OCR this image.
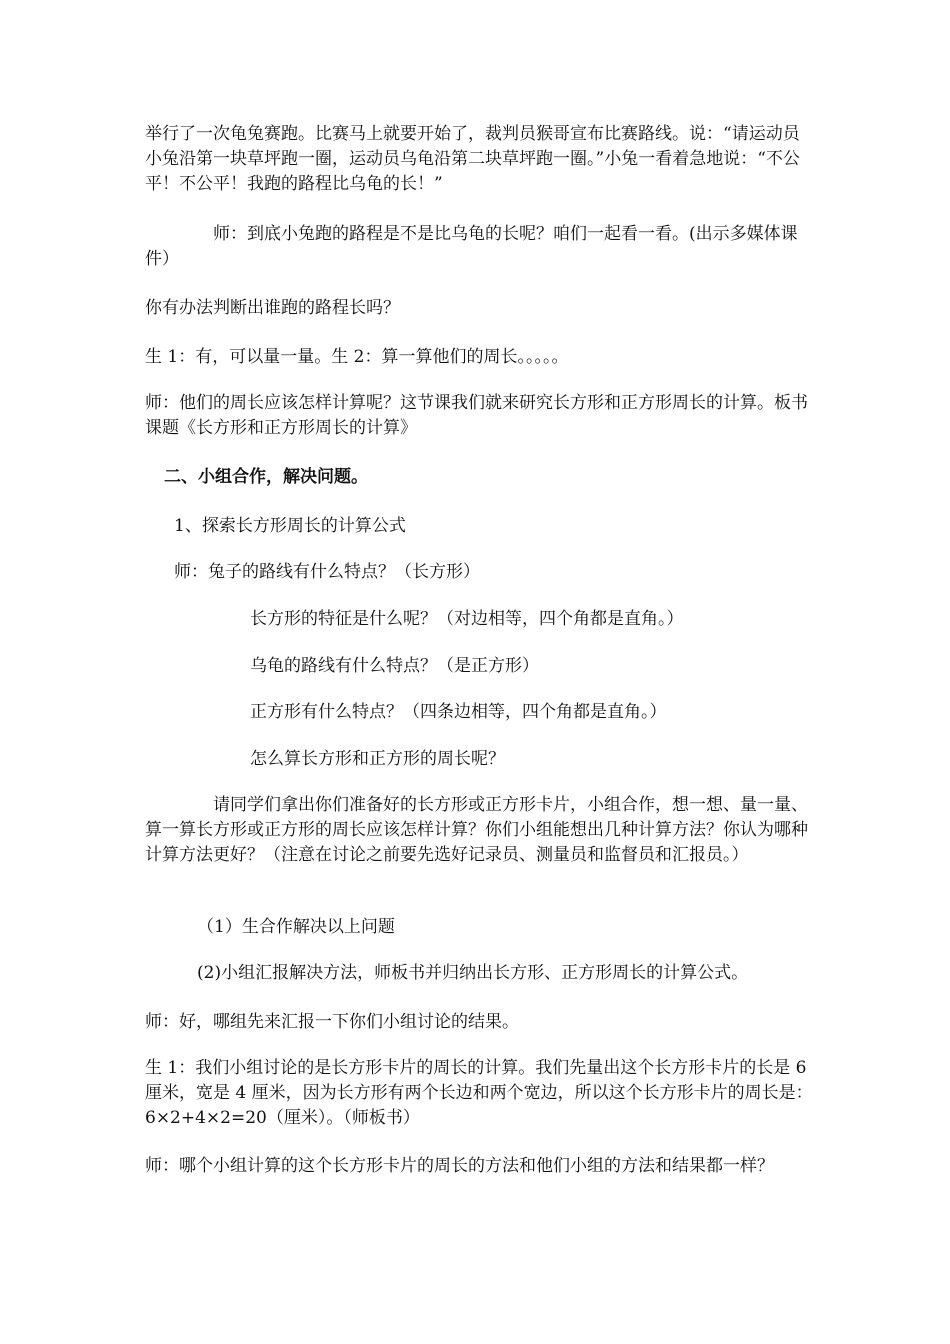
举行了一次龟兔赛跑。比赛马上就要开始了，裁判员猴哥宣布比赛路线。说：“请运动员小兔沿第一块草坪跑一圈，运动员乌龟沿第二块草坪跑一圈。”小兔一看着急地说：“不公平！不公平！我跑的路程比乌龟的长！”

师：到底小兔跑的路程是不是比乌龟的长呢？咱们一起看一看。(出示多媒体课件）

你有办法判断出谁跑的路程长吗？

生 1：有，可以量一量。生 2：算一算他们的周长。。。。。

师：他们的周长应该怎样计算呢？这节课我们就来研究长方形和正方形周长的计算。板书课题《长方形和正方形周长的计算》

二、小组合作，解决问题。

1、探索长方形周长的计算公式

师：兔子的路线有什么特点？（长方形）

长方形的特征是什么呢？（对边相等，四个角都是直角。）

乌龟的路线有什么特点？（是正方形）

正方形有什么特点？（四条边相等，四个角都是直角。）

怎么算长方形和正方形的周长呢？

请同学们拿出你们准备好的长方形或正方形卡片，小组合作，想一想、量一量、算一算长方形或正方形的周长应该怎样计算？你们小组能想出几种计算方法？你认为哪种计算方法更好？（注意在讨论之前要先选好记录员、测量员和监督员和汇报员。）

（1）生合作解决以上问题

(2)小组汇报解决方法，师板书并归纳出长方形、正方形周长的计算公式。

师：好，哪组先来汇报一下你们小组讨论的结果。

生 1：我们小组讨论的是长方形卡片的周长的计算。我们先量出这个长方形卡片的长是 6 厘米，宽是 4 厘米，因为长方形有两个长边和两个宽边，所以这个长方形卡片的周长是：6×2+4×2=20（厘米）。（师板书）

师：哪个小组计算的这个长方形卡片的周长的方法和他们小组的方法和结果都一样？
